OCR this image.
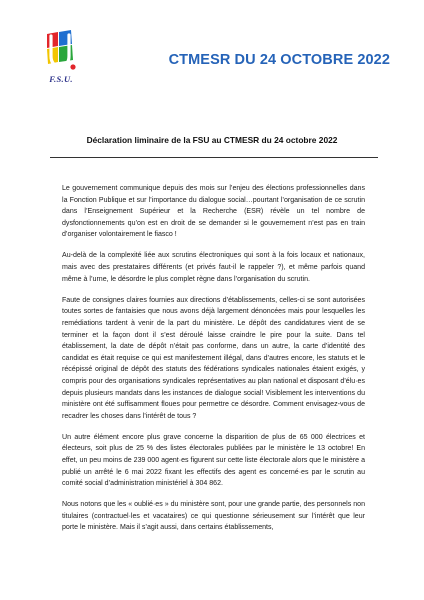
F.S.U.
CTMESR DU 24 OCTOBRE 2022
Déclaration liminaire de la FSU au CTMESR du 24 octobre 2022

Le gouvernement communique depuis des mois sur l’enjeu des élections professionnelles dans la Fonction Publique et sur l’importance du dialogue social…pourtant l’organisation de ce scrutin dans l’Enseignement Supérieur et la Recherche (ESR) révèle un tel nombre de dysfonctionnements qu’on est en droit de se demander si le gouvernement n’est pas en train d’organiser volontairement le fiasco !

Au-delà de la complexité liée aux scrutins électroniques qui sont à la fois locaux et nationaux, mais avec des prestataires différents (et privés faut-il le rappeler ?), et même parfois quand même à l’urne, le désordre le plus complet règne dans l’organisation du scrutin.

Faute de consignes claires fournies aux directions d’établissements, celles-ci se sont autorisées toutes sortes de fantaisies que nous avons déjà largement dénoncées mais pour lesquelles les remédiations tardent à venir de la part du ministère. Le dépôt des candidatures vient de se terminer et la façon dont il s’est déroulé laisse craindre le pire pour la suite. Dans tel établissement, la date de dépôt n’était pas conforme, dans un autre, la carte d’identité des candidat es était requise ce qui est manifestement illégal, dans d’autres encore, les statuts et le récépissé original de dépôt des statuts des fédérations syndicales nationales étaient exigés, y compris pour des organisations syndicales représentatives au plan national et disposant d’élu·es depuis plusieurs mandats dans les instances de dialogue social! Visiblement les interventions du ministère ont été suffisamment floues pour permettre ce désordre. Comment envisagez-vous de recadrer les choses dans l’intérêt de tous ?

Un autre élément encore plus grave concerne la disparition de plus de 65 000 électrices et électeurs, soit plus de 25 % des listes électorales publiées par le ministère le 13 octobre! En effet, un peu moins de 239 000 agent·es figurent sur cette liste électorale alors que le ministère a publié un arrêté le 6 mai 2022 fixant les effectifs des agent es concerné·es par le scrutin au comité social d’administration ministériel à 304 862.

Nous notons que les « oublié·es » du ministère sont, pour une grande partie, des personnels non titulaires (contractuel·les et vacataires) ce qui questionne sérieusement sur l’intérêt que leur porte le ministère. Mais il s’agit aussi, dans certains établissements,
